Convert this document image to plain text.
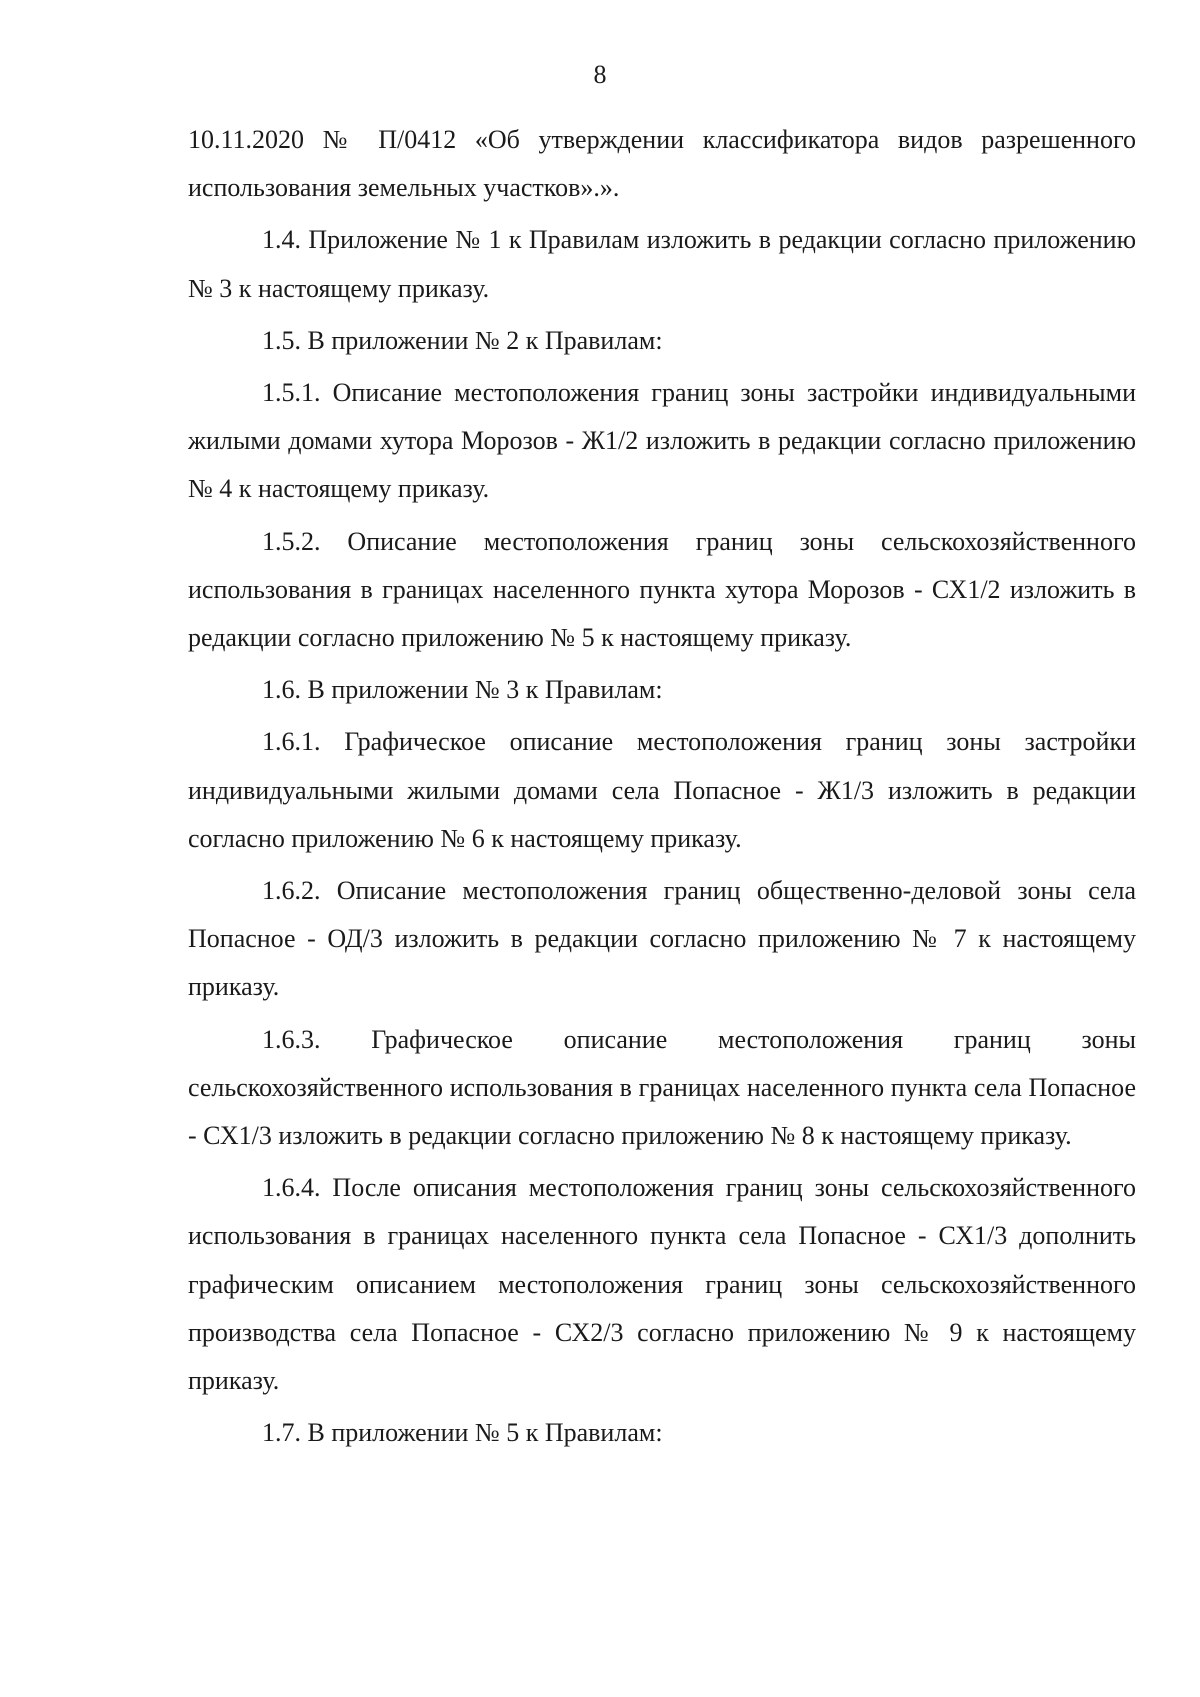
8

10.11.2020 № П/0412 «Об утверждении классификатора видов разрешенного использования земельных участков».».

1.4. Приложение № 1 к Правилам изложить в редакции согласно приложению № 3 к настоящему приказу.

1.5. В приложении № 2 к Правилам:

1.5.1. Описание местоположения границ зоны застройки индивидуальными жилыми домами хутора Морозов - Ж1/2 изложить в редакции согласно приложению № 4 к настоящему приказу.

1.5.2. Описание местоположения границ зоны сельскохозяйственного использования в границах населенного пункта хутора Морозов - СХ1/2 изложить в редакции согласно приложению № 5 к настоящему приказу.

1.6. В приложении № 3 к Правилам:

1.6.1. Графическое описание местоположения границ зоны застройки индивидуальными жилыми домами села Попасное - Ж1/3 изложить в редакции согласно приложению № 6 к настоящему приказу.

1.6.2. Описание местоположения границ общественно-деловой зоны села Попасное - ОД/3 изложить в редакции согласно приложению № 7 к настоящему приказу.

1.6.3. Графическое описание местоположения границ зоны сельскохозяйственного использования в границах населенного пункта села Попасное - СХ1/3 изложить в редакции согласно приложению № 8 к настоящему приказу.

1.6.4. После описания местоположения границ зоны сельскохозяйственного использования в границах населенного пункта села Попасное - СХ1/3 дополнить графическим описанием местоположения границ зоны сельскохозяйственного производства села Попасное - СХ2/3 согласно приложению № 9 к настоящему приказу.

1.7. В приложении № 5 к Правилам:
